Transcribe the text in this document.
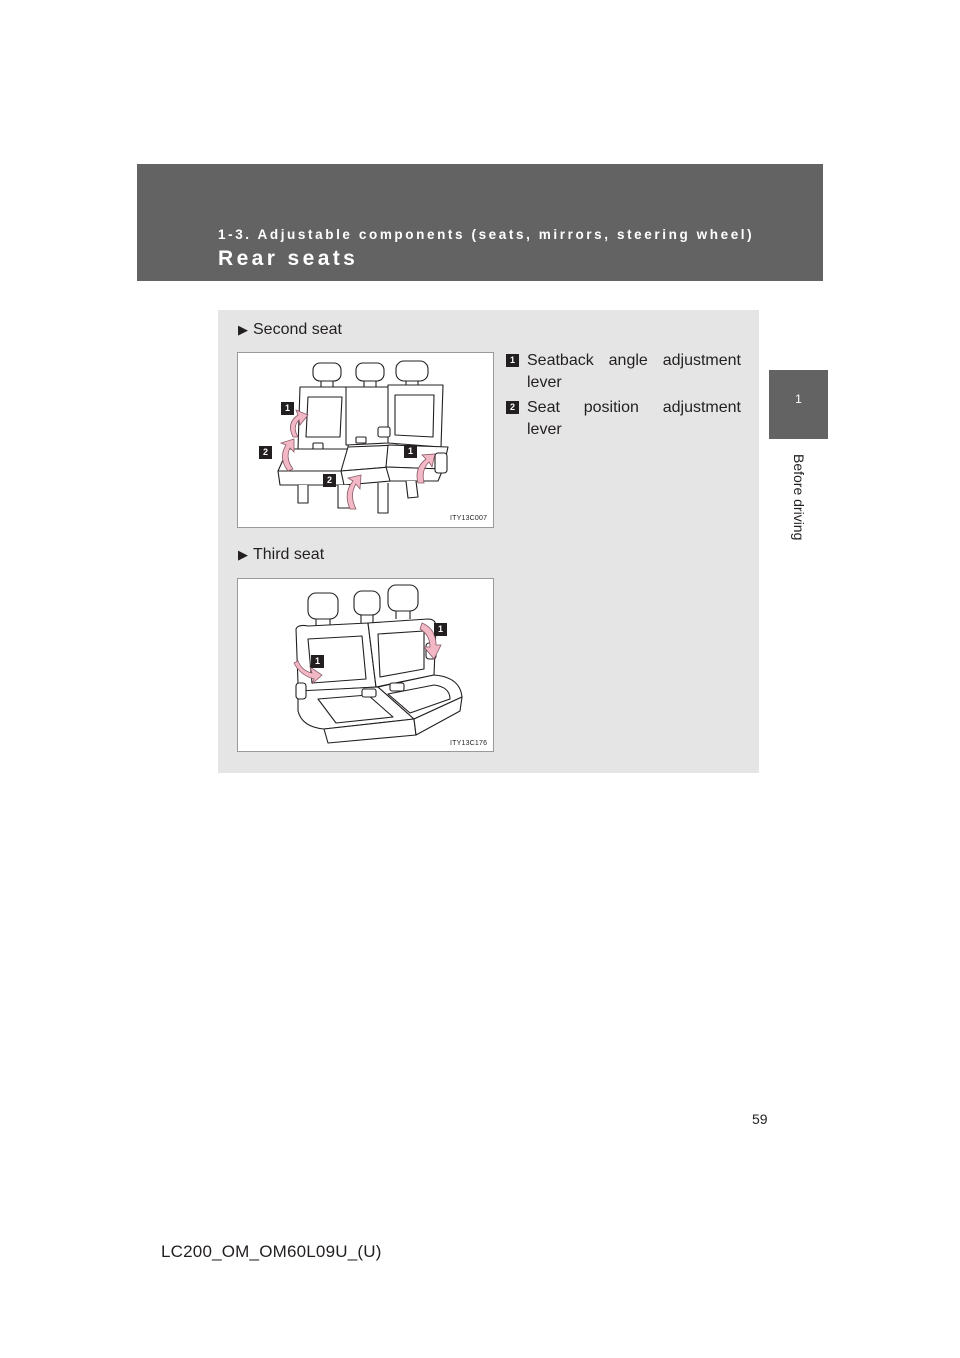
1-3. Adjustable components (seats, mirrors, steering wheel)

Rear seats
1
Before driving
▶ Second seat
1
2	1
2
ITY13C007
1 Seatback angle adjustment lever
2 Seat position adjustment lever
▶ Third seat
1
1
ITY13C176
59
LC200_OM_OM60L09U_(U)
